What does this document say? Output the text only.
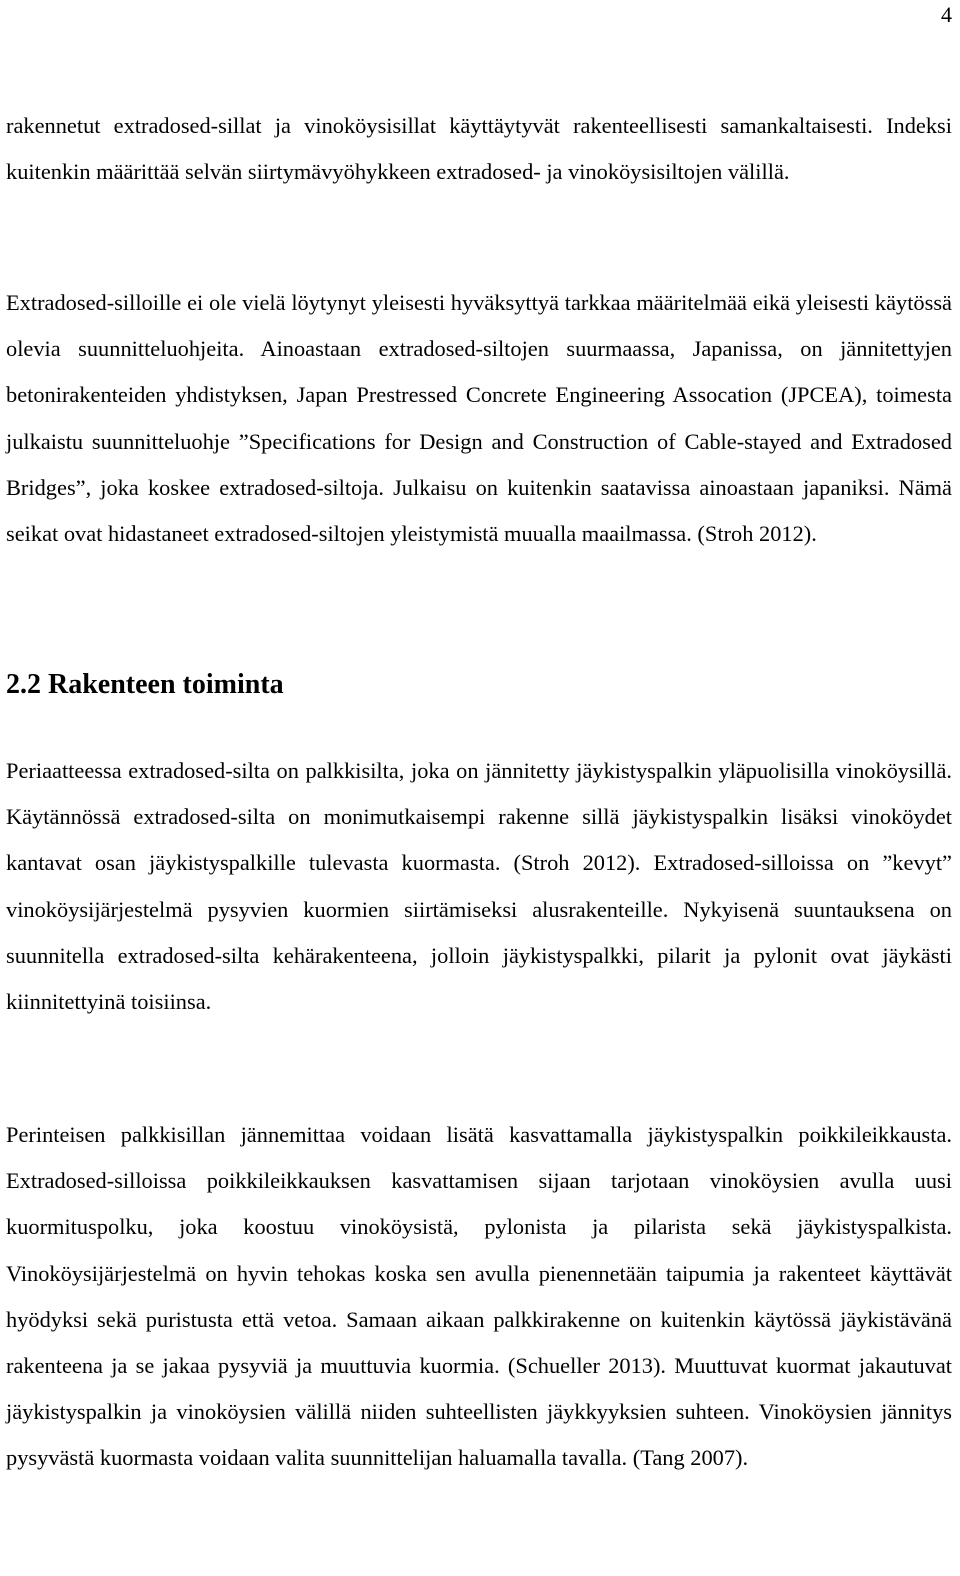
4

rakennetut extradosed-sillat ja vinoköysisillat käyttäytyvät rakenteellisesti samankaltaisesti. Indeksi kuitenkin määrittää selvän siirtymävyöhykkeen extradosed- ja vinoköysisiltojen välillä.

Extradosed-silloille ei ole vielä löytynyt yleisesti hyväksyttyä tarkkaa määritelmää eikä yleisesti käytössä olevia suunnitteluohjeita. Ainoastaan extradosed-siltojen suurmaassa, Japanissa, on jännitettyjen betonirakenteiden yhdistyksen, Japan Prestressed Concrete Engineering Assocation (JPCEA), toimesta julkaistu suunnitteluohje ”Specifications for Design and Construction of Cable-stayed and Extradosed Bridges”, joka koskee extradosed-siltoja. Julkaisu on kuitenkin saatavissa ainoastaan japaniksi. Nämä seikat ovat hidastaneet extradosed-siltojen yleistymistä muualla maailmassa. (Stroh 2012).

2.2 Rakenteen toiminta

Periaatteessa extradosed-silta on palkkisilta, joka on jännitetty jäykistyspalkin yläpuolisilla vinoköysillä. Käytännössä extradosed-silta on monimutkaisempi rakenne sillä jäykistyspalkin lisäksi vinoköydet kantavat osan jäykistyspalkille tulevasta kuormasta. (Stroh 2012). Extradosed-silloissa on ”kevyt” vinoköysijärjestelmä pysyvien kuormien siirtämiseksi alusrakenteille. Nykyisenä suuntauksena on suunnitella extradosed-silta kehärakenteena, jolloin jäykistyspalkki, pilarit ja pylonit ovat jäykästi kiinnitettyinä toisiinsa.

Perinteisen palkkisillan jännemittaa voidaan lisätä kasvattamalla jäykistyspalkin poikkileikkausta. Extradosed-silloissa poikkileikkauksen kasvattamisen sijaan tarjotaan vinoköysien avulla uusi kuormituspolku, joka koostuu vinoköysistä, pylonista ja pilarista sekä jäykistyspalkista. Vinoköysijärjestelmä on hyvin tehokas koska sen avulla pienennetään taipumia ja rakenteet käyttävät hyödyksi sekä puristusta että vetoa. Samaan aikaan palkkirakenne on kuitenkin käytössä jäykistävänä rakenteena ja se jakaa pysyviä ja muuttuvia kuormia. (Schueller 2013). Muuttuvat kuormat jakautuvat jäykistyspalkin ja vinoköysien välillä niiden suhteellisten jäykkyyksien suhteen. Vinoköysien jännitys pysyvästä kuormasta voidaan valita suunnittelijan haluamalla tavalla. (Tang 2007).
